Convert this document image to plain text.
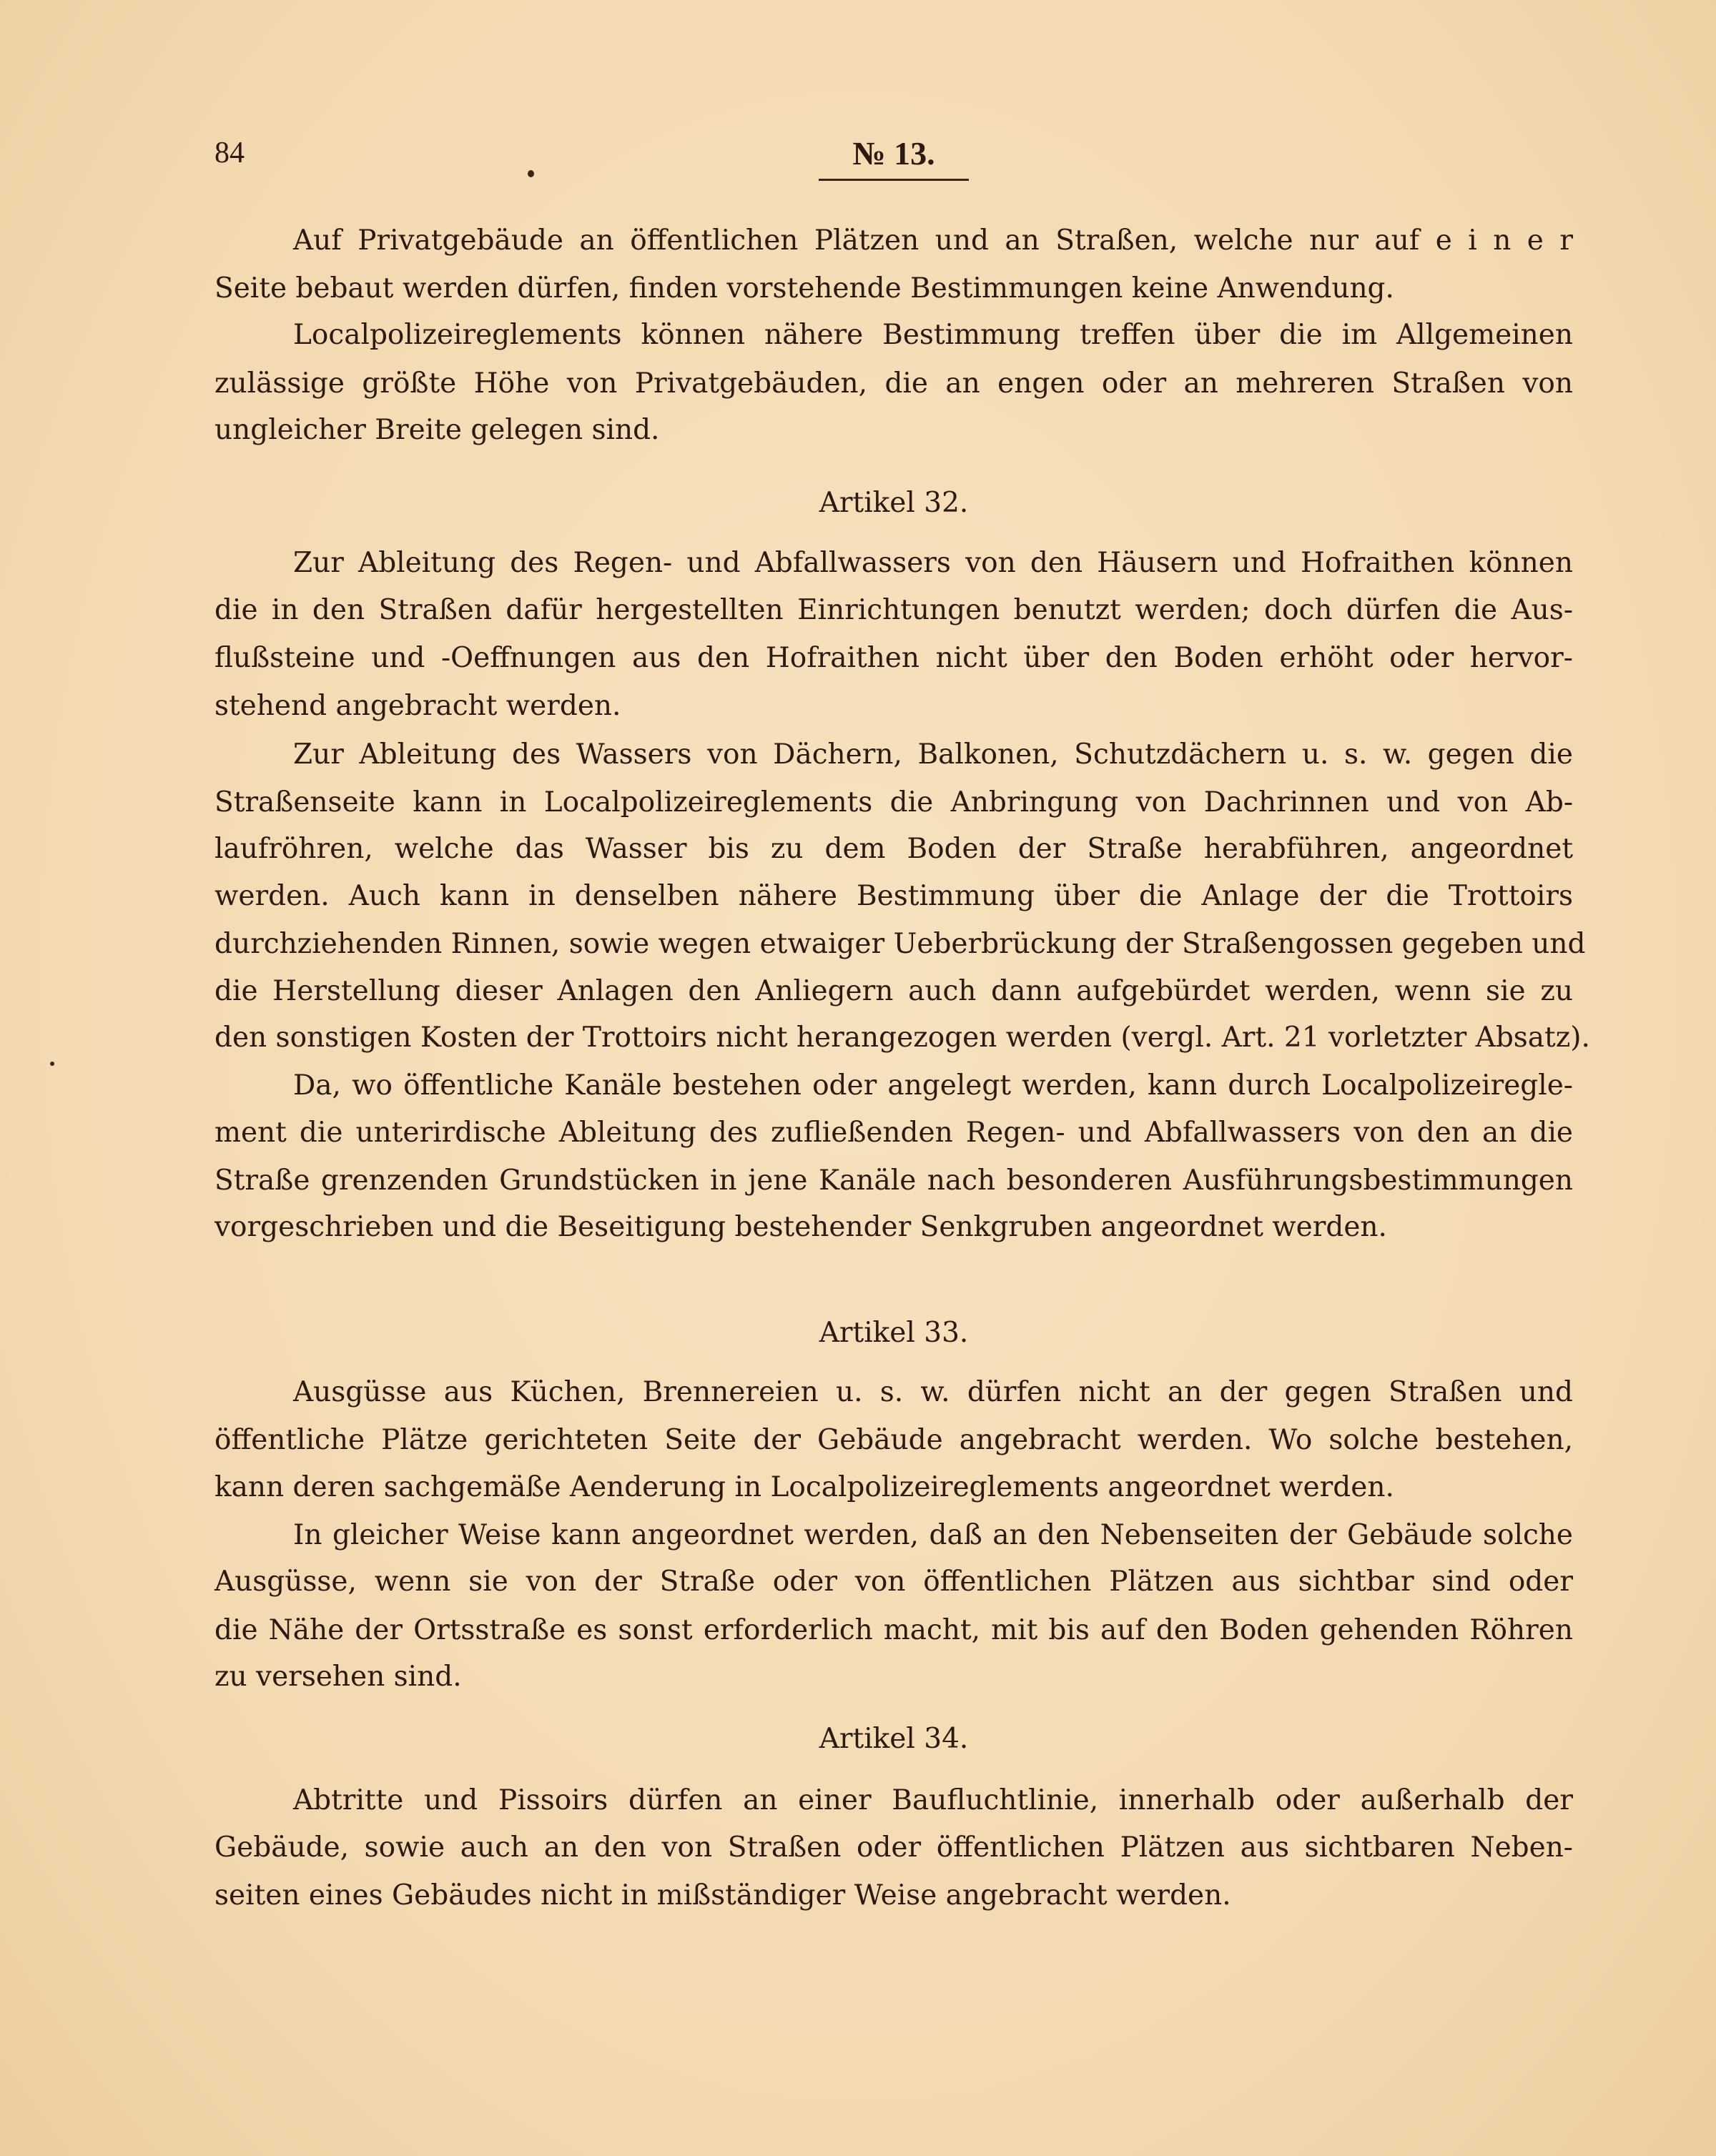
84	№ 13.
Auf Privatgebäude an öffentlichen Plätzen und an Straßen, welche nur auf e i n e r
Seite bebaut werden dürfen, finden vorstehende Bestimmungen keine Anwendung.
Localpolizeireglements können nähere Bestimmung treffen über die im Allgemeinen
zulässige größte Höhe von Privatgebäuden, die an engen oder an mehreren Straßen von
ungleicher Breite gelegen sind.
Artikel 32.
Zur Ableitung des Regen- und Abfallwassers von den Häusern und Hofraithen können
die in den Straßen dafür hergestellten Einrichtungen benutzt werden; doch dürfen die Aus-
flußsteine und -Oeffnungen aus den Hofraithen nicht über den Boden erhöht oder hervor-
stehend angebracht werden.
Zur Ableitung des Wassers von Dächern, Balkonen, Schutzdächern u. s. w. gegen die
Straßenseite kann in Localpolizeireglements die Anbringung von Dachrinnen und von Ab-
laufröhren, welche das Wasser bis zu dem Boden der Straße herabführen, angeordnet
werden. Auch kann in denselben nähere Bestimmung über die Anlage der die Trottoirs
durchziehenden Rinnen, sowie wegen etwaiger Ueberbrückung der Straßengossen gegeben und
die Herstellung dieser Anlagen den Anliegern auch dann aufgebürdet werden, wenn sie zu
den sonstigen Kosten der Trottoirs nicht herangezogen werden (vergl. Art. 21 vorletzter Absatz).
Da, wo öffentliche Kanäle bestehen oder angelegt werden, kann durch Localpolizeiregle-
ment die unterirdische Ableitung des zufließenden Regen- und Abfallwassers von den an die
Straße grenzenden Grundstücken in jene Kanäle nach besonderen Ausführungsbestimmungen
vorgeschrieben und die Beseitigung bestehender Senkgruben angeordnet werden.
Artikel 33.
Ausgüsse aus Küchen, Brennereien u. s. w. dürfen nicht an der gegen Straßen und
öffentliche Plätze gerichteten Seite der Gebäude angebracht werden. Wo solche bestehen,
kann deren sachgemäße Aenderung in Localpolizeireglements angeordnet werden.
In gleicher Weise kann angeordnet werden, daß an den Nebenseiten der Gebäude solche
Ausgüsse, wenn sie von der Straße oder von öffentlichen Plätzen aus sichtbar sind oder
die Nähe der Ortsstraße es sonst erforderlich macht, mit bis auf den Boden gehenden Röhren
zu versehen sind.
Artikel 34.
Abtritte und Pissoirs dürfen an einer Baufluchtlinie, innerhalb oder außerhalb der
Gebäude, sowie auch an den von Straßen oder öffentlichen Plätzen aus sichtbaren Neben-
seiten eines Gebäudes nicht in mißständiger Weise angebracht werden.
